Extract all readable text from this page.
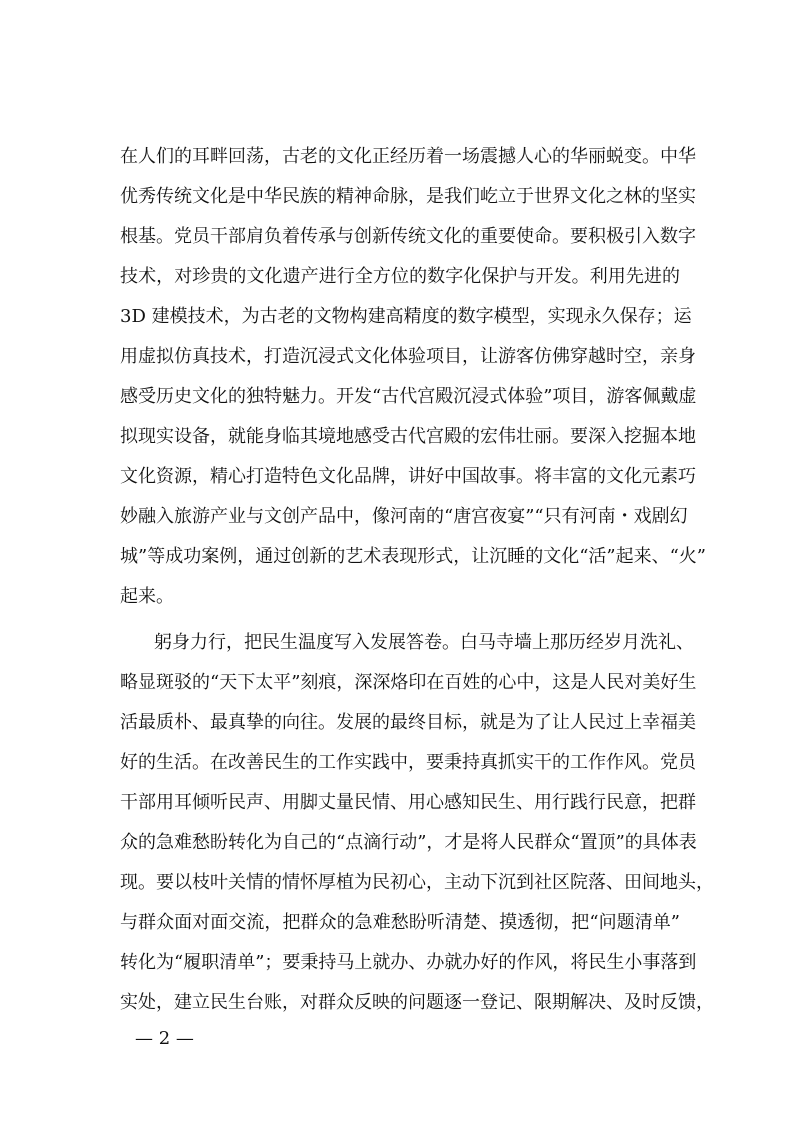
在人们的耳畔回荡，古老的文化正经历着一场震撼人心的华丽蜕变。中华
优秀传统文化是中华民族的精神命脉，是我们屹立于世界文化之林的坚实
根基。党员干部肩负着传承与创新传统文化的重要使命。要积极引入数字
技术，对珍贵的文化遗产进行全方位的数字化保护与开发。利用先进的
3D 建模技术，为古老的文物构建高精度的数字模型，实现永久保存；运
用虚拟仿真技术，打造沉浸式文化体验项目，让游客仿佛穿越时空，亲身
感受历史文化的独特魅力。开发“古代宫殿沉浸式体验”项目，游客佩戴虚
拟现实设备，就能身临其境地感受古代宫殿的宏伟壮丽。要深入挖掘本地
文化资源，精心打造特色文化品牌，讲好中国故事。将丰富的文化元素巧
妙融入旅游产业与文创产品中，像河南的“唐宫夜宴”“只有河南・戏剧幻
城”等成功案例，通过创新的艺术表现形式，让沉睡的文化“活”起来、“火”
起来。
躬身力行，把民生温度写入发展答卷。白马寺墙上那历经岁月洗礼、
略显斑驳的“天下太平”刻痕，深深烙印在百姓的心中，这是人民对美好生
活最质朴、最真挚的向往。发展的最终目标，就是为了让人民过上幸福美
好的生活。在改善民生的工作实践中，要秉持真抓实干的工作作风。党员
干部用耳倾听民声、用脚丈量民情、用心感知民生、用行践行民意，把群
众的急难愁盼转化为自己的“点滴行动”，才是将人民群众“置顶”的具体表
现。要以枝叶关情的情怀厚植为民初心，主动下沉到社区院落、田间地头，
与群众面对面交流，把群众的急难愁盼听清楚、摸透彻，把“问题清单”
转化为“履职清单”；要秉持马上就办、办就办好的作风，将民生小事落到
实处，建立民生台账，对群众反映的问题逐一登记、限期解决、及时反馈，
— 2 —
